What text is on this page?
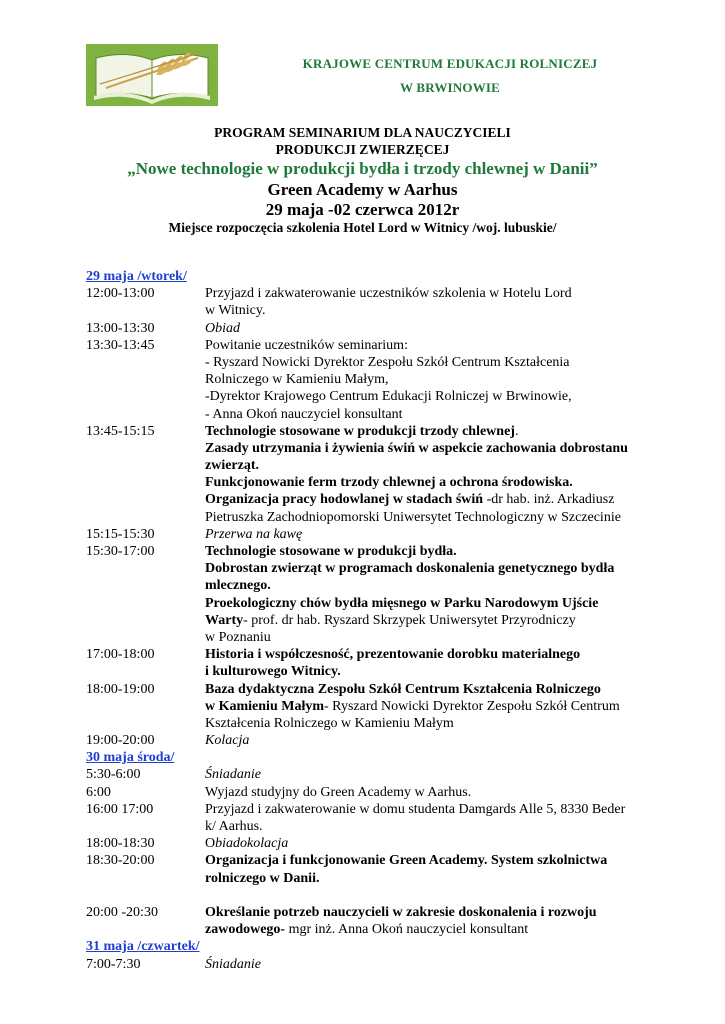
KRAJOWE CENTRUM EDUKACJI ROLNICZEJ
W BRWINOWIE
PROGRAM SEMINARIUM DLA NAUCZYCIELI
PRODUKCJI ZWIERZĘCEJ
„Nowe technologie w produkcji bydła i trzody chlewnej w Danii”
Green Academy w Aarhus
29 maja -02 czerwca 2012r
Miejsce rozpoczęcia szkolenia Hotel Lord w Witnicy /woj. lubuskie/
29 maja /wtorek/
12:00-13:00	Przyjazd i zakwaterowanie uczestników szkolenia w Hotelu Lord
w Witnicy.
13:00-13:30	Obiad
13:30-13:45	Powitanie uczestników seminarium:
- Ryszard Nowicki Dyrektor Zespołu Szkół Centrum Kształcenia
Rolniczego w Kamieniu Małym,
-Dyrektor Krajowego Centrum Edukacji Rolniczej w Brwinowie,
- Anna Okoń nauczyciel konsultant
13:45-15:15	Technologie stosowane w produkcji trzody chlewnej.
Zasady utrzymania i żywienia świń w aspekcie zachowania dobrostanu
zwierząt.
Funkcjonowanie ferm trzody chlewnej a ochrona środowiska.
Organizacja pracy hodowlanej w stadach świń -dr hab. inż. Arkadiusz
Pietruszka Zachodniopomorski Uniwersytet Technologiczny w Szczecinie
15:15-15:30	Przerwa na kawę
15:30-17:00	Technologie stosowane w produkcji bydła.
Dobrostan zwierząt w programach doskonalenia genetycznego bydła
mlecznego.
Proekologiczny chów bydła mięsnego w Parku Narodowym Ujście
Warty- prof. dr hab. Ryszard Skrzypek Uniwersytet Przyrodniczy
w Poznaniu
17:00-18:00	Historia i współczesność, prezentowanie dorobku materialnego
i kulturowego Witnicy.
18:00-19:00	Baza dydaktyczna Zespołu Szkół Centrum Kształcenia Rolniczego
w Kamieniu Małym- Ryszard Nowicki Dyrektor Zespołu Szkół Centrum
Kształcenia Rolniczego w Kamieniu Małym
19:00-20:00	Kolacja
30 maja środa/
5:30-6:00	Śniadanie
6:00	Wyjazd studyjny do Green Academy w Aarhus.
16:00 17:00	Przyjazd i zakwaterowanie w domu studenta Damgards Alle 5, 8330 Beder
k/ Aarhus.
18:00-18:30	Obiadokolacja
18:30-20:00	Organizacja i funkcjonowanie Green Academy. System szkolnictwa
rolniczego w Danii.
20:00 -20:30	Określanie potrzeb nauczycieli w zakresie doskonalenia i rozwoju
zawodowego- mgr inż. Anna Okoń nauczyciel konsultant
31 maja /czwartek/
7:00-7:30	Śniadanie
